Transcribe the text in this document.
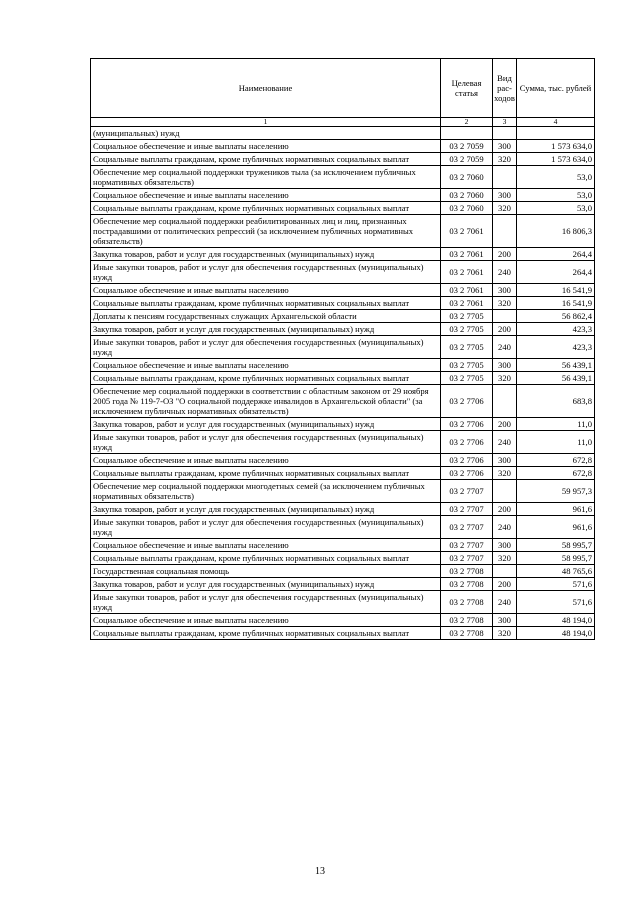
Наименование	Целевая статья	Вид рас-ходов	Сумма, тыс. рублей
1	2	3	4
(муниципальных) нужд			
Социальное обеспечение и иные выплаты населению	03 2 7059	300	1 573 634,0
Социальные выплаты гражданам, кроме публичных нормативных социальных выплат	03 2 7059	320	1 573 634,0
Обеспечение мер социальной поддержки тружеников тыла (за исключением публичных нормативных обязательств)	03 2 7060		53,0
Социальное обеспечение и иные выплаты населению	03 2 7060	300	53,0
Социальные выплаты гражданам, кроме публичных нормативных социальных выплат	03 2 7060	320	53,0
Обеспечение мер социальной поддержки реабилитированных лиц и лиц, признанных пострадавшими от политических репрессий (за исключением публичных нормативных обязательств)	03 2 7061		16 806,3
Закупка товаров, работ и услуг для государственных (муниципальных) нужд	03 2 7061	200	264,4
Иные закупки товаров, работ и услуг для обеспечения государственных (муниципальных) нужд	03 2 7061	240	264,4
Социальное обеспечение и иные выплаты населению	03 2 7061	300	16 541,9
Социальные выплаты гражданам, кроме публичных нормативных социальных выплат	03 2 7061	320	16 541,9
Доплаты к пенсиям государственных служащих Архангельской области	03 2 7705		56 862,4
Закупка товаров, работ и услуг для государственных (муниципальных) нужд	03 2 7705	200	423,3
Иные закупки товаров, работ и услуг для обеспечения государственных (муниципальных) нужд	03 2 7705	240	423,3
Социальное обеспечение и иные выплаты населению	03 2 7705	300	56 439,1
Социальные выплаты гражданам, кроме публичных нормативных социальных выплат	03 2 7705	320	56 439,1
Обеспечение мер социальной поддержки в соответствии с областным законом от 29 ноября 2005 года № 119-7-ОЗ "О социальной поддержке инвалидов в Архангельской области" (за исключением публичных нормативных обязательств)	03 2 7706		683,8
Закупка товаров, работ и услуг для государственных (муниципальных) нужд	03 2 7706	200	11,0
Иные закупки товаров, работ и услуг для обеспечения государственных (муниципальных) нужд	03 2 7706	240	11,0
Социальное обеспечение и иные выплаты населению	03 2 7706	300	672,8
Социальные выплаты гражданам, кроме публичных нормативных социальных выплат	03 2 7706	320	672,8
Обеспечение мер социальной поддержки многодетных семей (за исключением публичных нормативных обязательств)	03 2 7707		59 957,3
Закупка товаров, работ и услуг для государственных (муниципальных) нужд	03 2 7707	200	961,6
Иные закупки товаров, работ и услуг для обеспечения государственных (муниципальных) нужд	03 2 7707	240	961,6
Социальное обеспечение и иные выплаты населению	03 2 7707	300	58 995,7
Социальные выплаты гражданам, кроме публичных нормативных социальных выплат	03 2 7707	320	58 995,7
Государственная социальная помощь	03 2 7708		48 765,6
Закупка товаров, работ и услуг для государственных (муниципальных) нужд	03 2 7708	200	571,6
Иные закупки товаров, работ и услуг для обеспечения государственных (муниципальных) нужд	03 2 7708	240	571,6
Социальное обеспечение и иные выплаты населению	03 2 7708	300	48 194,0
Социальные выплаты гражданам, кроме публичных нормативных социальных выплат	03 2 7708	320	48 194,0
13
